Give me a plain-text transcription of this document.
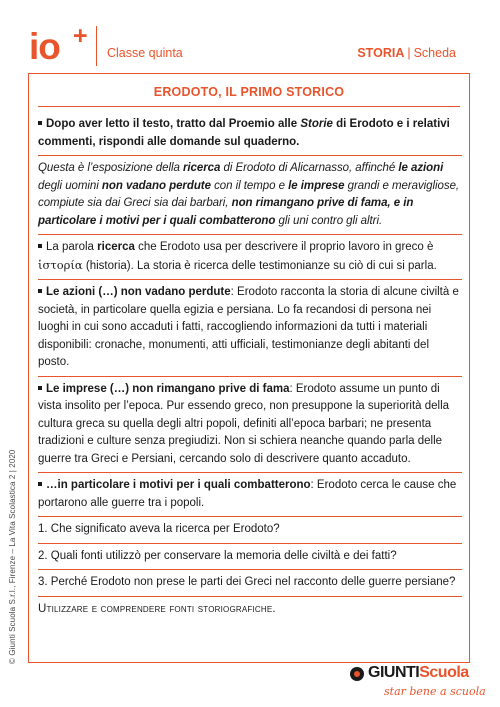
io +
Classe quinta	STORIA | Scheda
ERODOTO, IL PRIMO STORICO

Dopo aver letto il testo, tratto dal Proemio alle Storie di Erodoto e i relativi commenti, rispondi alle domande sul quaderno.

Questa è l’esposizione della ricerca di Erodoto di Alicarnasso, affinché le azioni degli uomini non vadano perdute con il tempo e le imprese grandi e meravigliose, compiute sia dai Greci sia dai barbari, non rimangano prive di fama, e in particolare i motivi per i quali combatterono gli uni contro gli altri.

La parola ricerca che Erodoto usa per descrivere il proprio lavoro in greco è ἱστορία (historia). La storia è ricerca delle testimonianze su ciò di cui si parla.

Le azioni (…) non vadano perdute: Erodoto racconta la storia di alcune civiltà e società, in particolare quella egizia e persiana. Lo fa recandosi di persona nei luoghi in cui sono accaduti i fatti, raccogliendo informazioni da tutti i materiali disponibili: cronache, monumenti, atti ufficiali, testimonianze degli abitanti del posto.

Le imprese (…) non rimangano prive di fama: Erodoto assume un punto di vista insolito per l’epoca. Pur essendo greco, non presuppone la superiorità della cultura greca su quella degli altri popoli, definiti all’epoca barbari; ne presenta tradizioni e culture senza pregiudizi. Non si schiera neanche quando parla delle guerre tra Greci e Persiani, cercando solo di descrivere quanto accaduto.

…in particolare i motivi per i quali combatterono: Erodoto cerca le cause che portarono alle guerre tra i popoli.

1. Che significato aveva la ricerca per Erodoto?

2. Quali fonti utilizzò per conservare la memoria delle civiltà e dei fatti?

3. Perché Erodoto non prese le parti dei Greci nel racconto delle guerre persiane?

Utilizzare e comprendere fonti storiografiche.

GIUNTIScuola
star bene a scuola
© Giunti Scuola S.r.l., Firenze – La Vita Scolastica 2 | 2020
